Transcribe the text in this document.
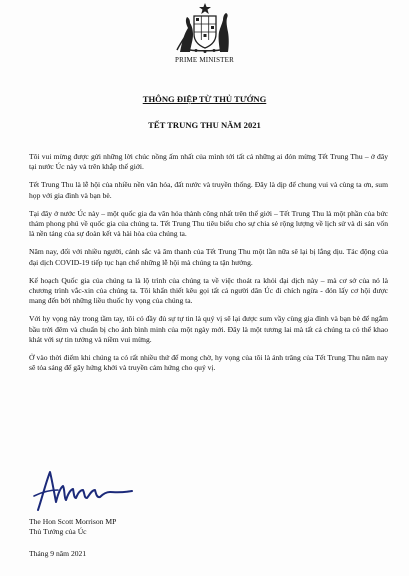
PRIME MINISTER
THÔNG ĐIỆP TỪ THỦ TƯỚNG
TẾT TRUNG THU NĂM 2021

Tôi vui mừng được gửi những lời chúc nồng ấm nhất của mình tới tất cả những ai đón mừng Tết Trung Thu – ở đây tại nước Úc này và trên khắp thế giới.

Tết Trung Thu là lễ hội của nhiều nền văn hóa, đất nước và truyền thống. Đây là dịp để chung vui và cùng ta ơn, sum họp với gia đình và bạn bè.

Tại đây ở nước Úc này – một quốc gia đa văn hóa thành công nhất trên thế giới – Tết Trung Thu là một phần của bức thảm phong phú về quốc gia của chúng ta. Tết Trung Thu tiêu biểu cho sự chia sẻ rộng lượng về lịch sử và di sản vốn là nền tảng của sự đoàn kết và hài hòa của chúng ta.

Năm nay, đối với nhiều người, cảnh sắc và âm thanh của Tết Trung Thu một lần nữa sẽ lại bị lắng dịu. Tác động của đại dịch COVID-19 tiếp tục hạn chế những lễ hội mà chúng ta tận hưởng.

Kế hoạch Quốc gia của chúng ta là lộ trình của chúng ta về việc thoát ra khỏi đại dịch này – mà cơ sở của nó là chương trình vắc-xin của chúng ta. Tôi khẩn thiết kêu gọi tất cả người dân Úc đi chích ngừa - đón lấy cơ hội được mang đến bởi những liều thuốc hy vọng của chúng ta.

Với hy vọng này trong tầm tay, tôi có đầy đủ sự tự tin là quý vị sẽ lại được sum vầy cùng gia đình và bạn bè để ngắm bầu trời đêm và chuẩn bị cho ánh bình minh của một ngày mới. Đây là một tương lai mà tất cả chúng ta có thể khao khát với sự tin tưởng và niềm vui mừng.

Ở vào thời điểm khi chúng ta có rất nhiều thứ để mong chờ, hy vọng của tôi là ánh trăng của Tết Trung Thu năm nay sẽ tỏa sáng để gây hứng khởi và truyền cảm hứng cho quý vị.

The Hon Scott Morrison MP
Thủ Tướng của Úc
Tháng 9 năm 2021
